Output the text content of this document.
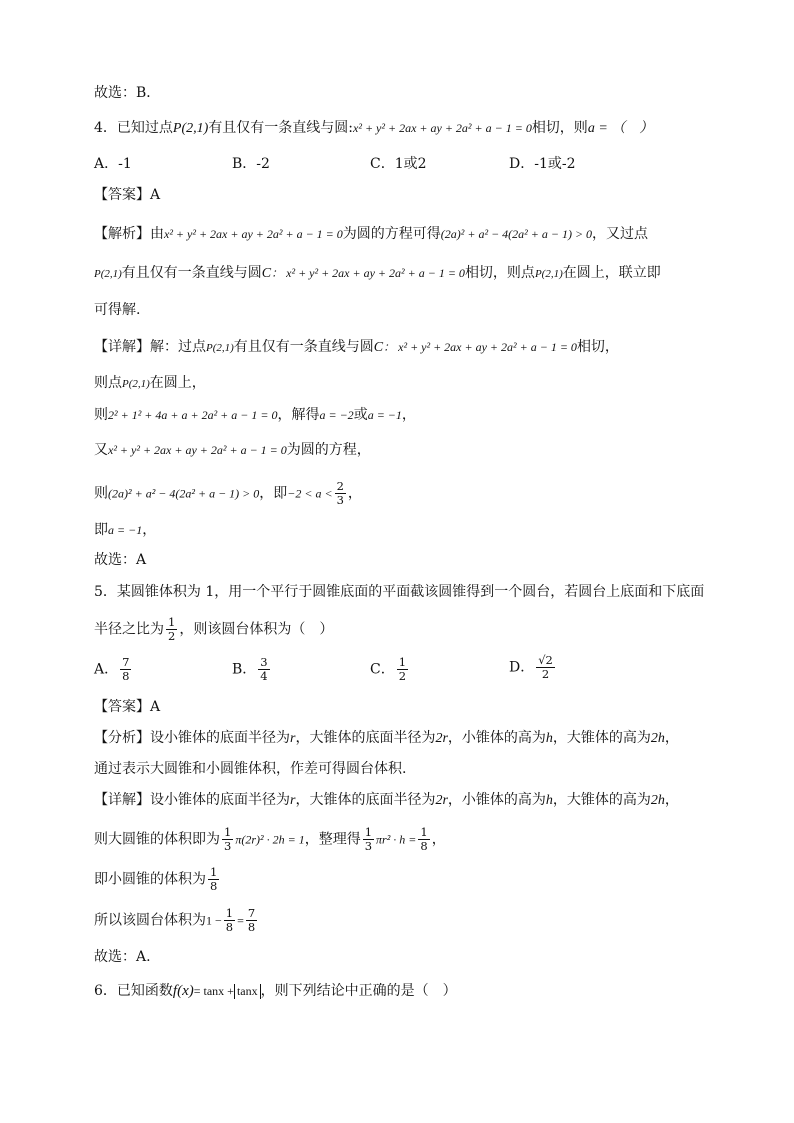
故选：B．
4．已知过点P(2,1)有且仅有一条直线与圆:x² + y² + 2ax + ay + 2a² + a − 1 = 0相切，则a = （　）
A．-1	B．-2	C．1或2	D．-1或-2
【答案】A
【解析】由x² + y² + 2ax + ay + 2a² + a − 1 = 0为圆的方程可得(2a)² + a² − 4(2a² + a − 1) > 0，又过点
P(2,1)有且仅有一条直线与圆C： x² + y² + 2ax + ay + 2a² + a − 1 = 0相切，则点P(2,1)在圆上，联立即
可得解.
【详解】解：过点P(2,1)有且仅有一条直线与圆C： x² + y² + 2ax + ay + 2a² + a − 1 = 0相切，
则点P(2,1)在圆上，
则2² + 1² + 4a + a + 2a² + a − 1 = 0，解得a = −2或a = −1，
又x² + y² + 2ax + ay + 2a² + a − 1 = 0为圆的方程，
则(2a)² + a² − 4(2a² + a − 1) > 0，即$-2 < a < \frac{2}{3}$ ，
即a = −1，
故选：A
5．某圆锥体积为 1，用一个平行于圆锥底面的平面截该圆锥得到一个圆台，若圆台上底面和下底面
半径之比为 $\frac{1}{2}$ ，则该圆台体积为（　）
A． $\frac{7}{8}$	B． $\frac{3}{4}$	C． $\frac{1}{2}$	D． $\frac{√2}{2}$
【答案】A
【分析】设小锥体的底面半径为r，大锥体的底面半径为2r，小锥体的高为h，大锥体的高为2h，
通过表示大圆锥和小圆锥体积，作差可得圆台体积.
【详解】设小锥体的底面半径为r，大锥体的底面半径为2r，小锥体的高为h，大锥体的高为2h，
则大圆锥的体积即为 $\frac{1}{3} \pi(2r)^2 \cdot 2h = 1$，整理得 $\frac{1}{3} \pi r^2 \cdot h = \frac{1}{8}$ ，
即小圆锥的体积为 $\frac{1}{8}$
所以该圆台体积为$1 - \frac{1}{8} = \frac{7}{8}$
故选：A.
6．已知函数f(x)= tanx + tanx ，则下列结论中正确的是（　）
